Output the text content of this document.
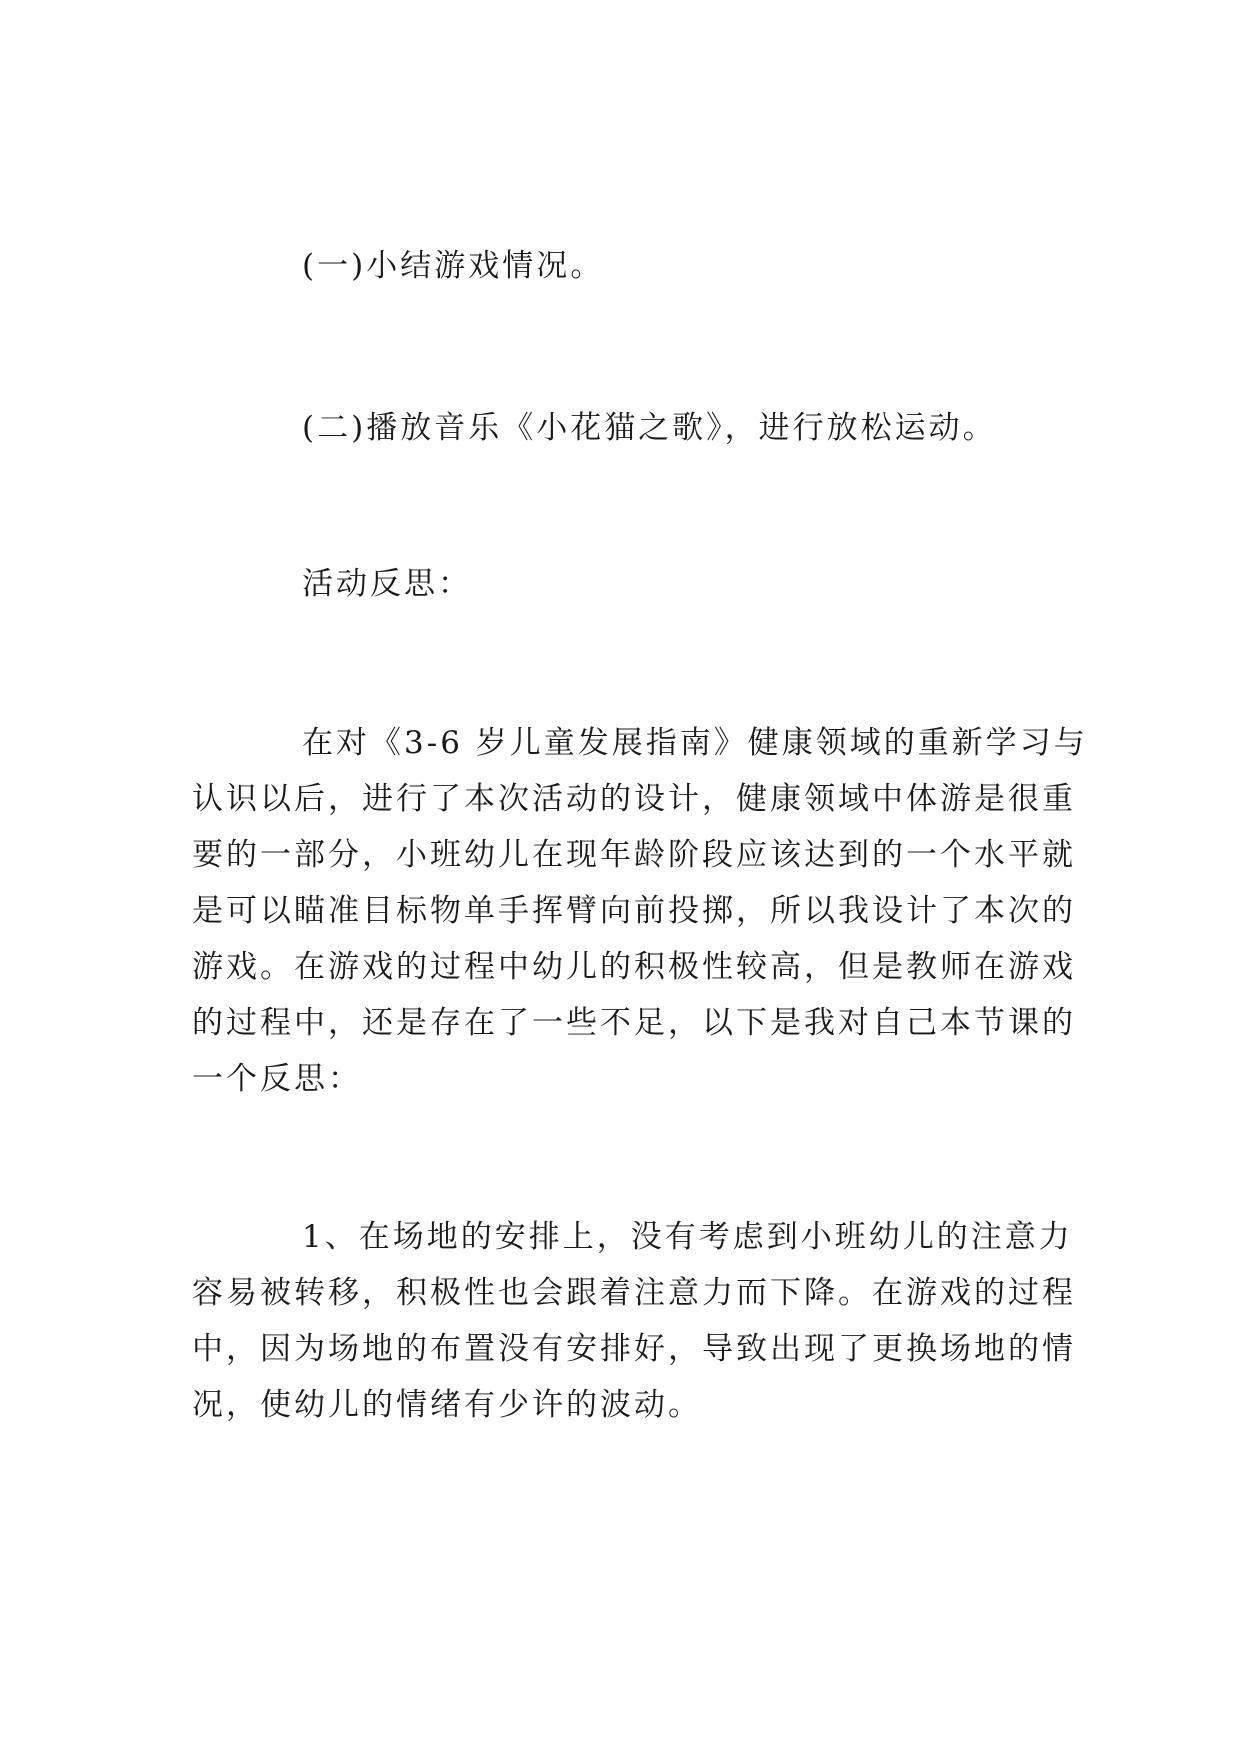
(一)小结游戏情况。
(二)播放音乐《小花猫之歌》，进行放松运动。
活动反思：
在对《3-6 岁儿童发展指南》健康领域的重新学习与
认识以后，进行了本次活动的设计，健康领域中体游是很重
要的一部分，小班幼儿在现年龄阶段应该达到的一个水平就
是可以瞄准目标物单手挥臂向前投掷，所以我设计了本次的
游戏。在游戏的过程中幼儿的积极性较高，但是教师在游戏
的过程中，还是存在了一些不足，以下是我对自己本节课的
一个反思：
1、在场地的安排上，没有考虑到小班幼儿的注意力
容易被转移，积极性也会跟着注意力而下降。在游戏的过程
中，因为场地的布置没有安排好，导致出现了更换场地的情
况，使幼儿的情绪有少许的波动。
